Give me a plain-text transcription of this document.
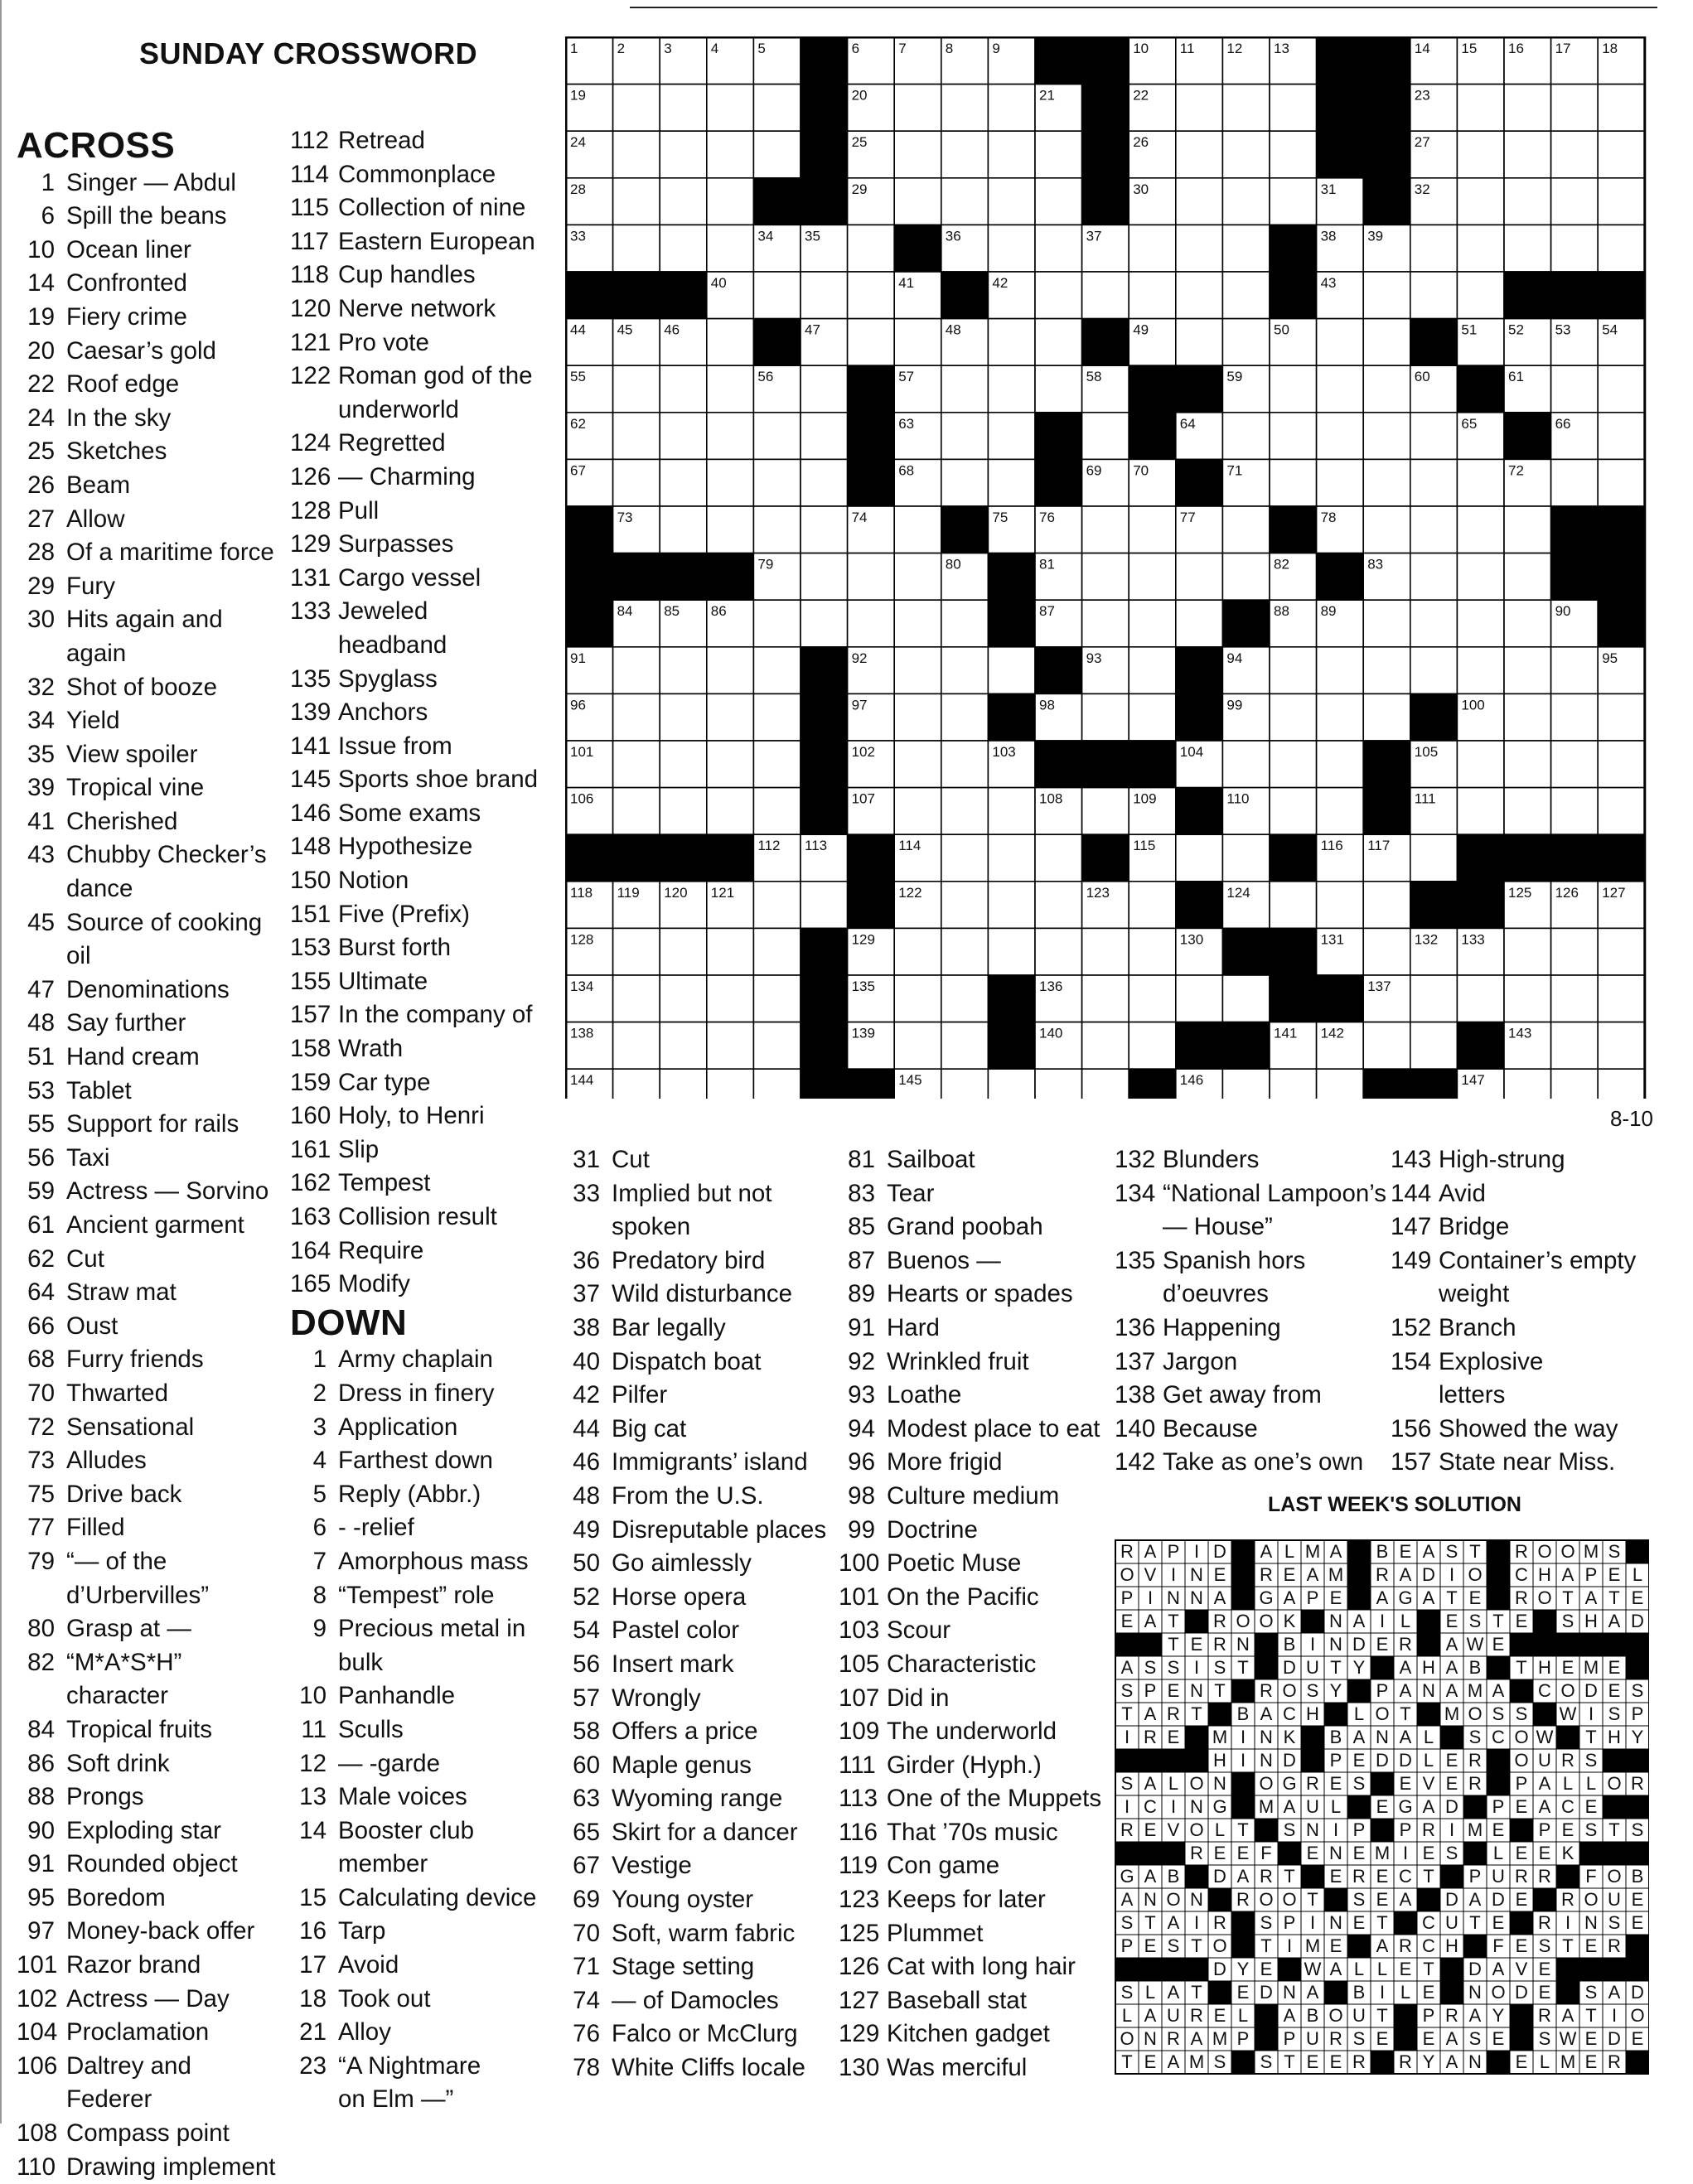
SUNDAY CROSSWORD
ACROSS
1 Singer — Abdul
6 Spill the beans
10 Ocean liner
14 Confronted
19 Fiery crime
20 Caesar’s gold
22 Roof edge
24 In the sky
25 Sketches
26 Beam
27 Allow
28 Of a maritime force
29 Fury
30 Hits again and again
32 Shot of booze
34 Yield
35 View spoiler
39 Tropical vine
41 Cherished
43 Chubby Checker’s
dance
45 Source of cooking oil
47 Denominations
48 Say further
51 Hand cream
53 Tablet
55 Support for rails
56 Taxi
59 Actress — Sorvino
61 Ancient garment
62 Cut
64 Straw mat
66 Oust
68 Furry friends
70 Thwarted
72 Sensational
73 Alludes
75 Drive back
77 Filled
79 “— of the
d’Urbervilles”
80 Grasp at —
82 “M*A*S*H”
character
84 Tropical fruits
86 Soft drink
88 Prongs
90 Exploding star
91 Rounded object
95 Boredom
97 Money-back offer
101 Razor brand
102 Actress — Day
104 Proclamation
106 Daltrey and Federer
108 Compass point
110 Drawing implement
112 Retread
114 Commonplace
115 Collection of nine
117 Eastern European
118 Cup handles
120 Nerve network
121 Pro vote
122 Roman god of the
underworld
124 Regretted
126 — Charming
128 Pull
129 Surpasses
131 Cargo vessel
133 Jeweled headband
135 Spyglass
139 Anchors
141 Issue from
145 Sports shoe brand
146 Some exams
148 Hypothesize
150 Notion
151 Five (Prefix)
153 Burst forth
155 Ultimate
157 In the company of
158 Wrath
159 Car type
160 Holy, to Henri
161 Slip
162 Tempest
163 Collision result
164 Require
165 Modify
DOWN
1 Army chaplain
2 Dress in finery
3 Application
4 Farthest down
5 Reply (Abbr.)
6 - -relief
7 Amorphous mass
8 “Tempest” role
9 Precious metal in
bulk
10 Panhandle
11 Sculls
12 — -garde
13 Male voices
14 Booster club
member
15 Calculating device
16 Tarp
17 Avoid
18 Took out
21 Alloy
23 “A Nightmare
on Elm —”
31 Cut
33 Implied but not
spoken
36 Predatory bird
37 Wild disturbance
38 Bar legally
40 Dispatch boat
42 Pilfer
44 Big cat
46 Immigrants’ island
48 From the U.S.
49 Disreputable places
50 Go aimlessly
52 Horse opera
54 Pastel color
56 Insert mark
57 Wrongly
58 Offers a price
60 Maple genus
63 Wyoming range
65 Skirt for a dancer
67 Vestige
69 Young oyster
70 Soft, warm fabric
71 Stage setting
74 — of Damocles
76 Falco or McClurg
78 White Cliffs locale
81 Sailboat
83 Tear
85 Grand poobah
87 Buenos —
89 Hearts or spades
91 Hard
92 Wrinkled fruit
93 Loathe
94 Modest place to eat
96 More frigid
98 Culture medium
99 Doctrine
100 Poetic Muse
101 On the Pacific
103 Scour
105 Characteristic
107 Did in
109 The underworld
111 Girder (Hyph.)
113 One of the Muppets
116 That ’70s music
119 Con game
123 Keeps for later
125 Plummet
126 Cat with long hair
127 Baseball stat
129 Kitchen gadget
130 Was merciful
132 Blunders
134 “National Lampoon’s
— House”
135 Spanish hors
d’oeuvres
136 Happening
137 Jargon
138 Get away from
140 Because
142 Take as one’s own
143 High-strung
144 Avid
147 Bridge
149 Container’s empty
weight
152 Branch
154 Explosive
letters
156 Showed the way
157 State near Miss.
1	2	3	4	5	6	7	8	9	10 11 12 13	14 15 16 17 18
19	20	21	22	23
24	25	26	27
28	29	30	31	32
33	34 35	36	37	38 39
40	41	42	43
44 45 46	47	48	49	50	51 52 53 54
55	56	57	58	59	60	61
62	63	64	65	66
67	68	69 70	71	72
73	74	75 76	77	78
79	80	81	82	83
84 85 86	87	88 89	90
91	92	93	94	95
96	97	98	99	100
101	102	103	104	105
106	107	108	109	110	111
112 113	114	115	116 117
118 119 120 121	122	123	124	125 126 127
128	129	130	131	132 133
134	135	136	137
138	139	140	141 142	143
144	145	146	147
8-10
LAST WEEK'S SOLUTION
R A P I D A L M A B E A S T R O O M S
O V I N E R E A M R A D I O C H A P E L
P I N N A G A P E A G A T E R O T A T E
E A T R O O K N A I L E S T E S H A D
T E R N B I N D E R A W E
A S S I S T D U T Y A H A B T H E M E
S P E N T R O S Y P A N A M A C O D E S
T A R T B A C H L O T M O S S W I S P
I R E M I N K B A N A L S C O W T H Y
H I N D P E D D L E R O U R S
S A L O N O G R E S E V E R P A L L O R
I C I N G M A U L E G A D P E A C E
R E V O L T S N I P P R I M E P E S T S
R E E F E N E M I E S L E E K
G A B D A R T E R E C T P U R R F O B
A N O N R O O T S E A D A D E R O U E
S T A I R S P I N E T C U T E R I N S E
P E S T O T I M E A R C H F E S T E R
D Y E W A L L E T D A V E
S L A T E D N A B I L E N O D E S A D
L A U R E L A B O U T P R A Y R A T I O
O N R A M P P U R S E E A S E S W E D E
T E A M S S T E E R R Y A N E L M E R
